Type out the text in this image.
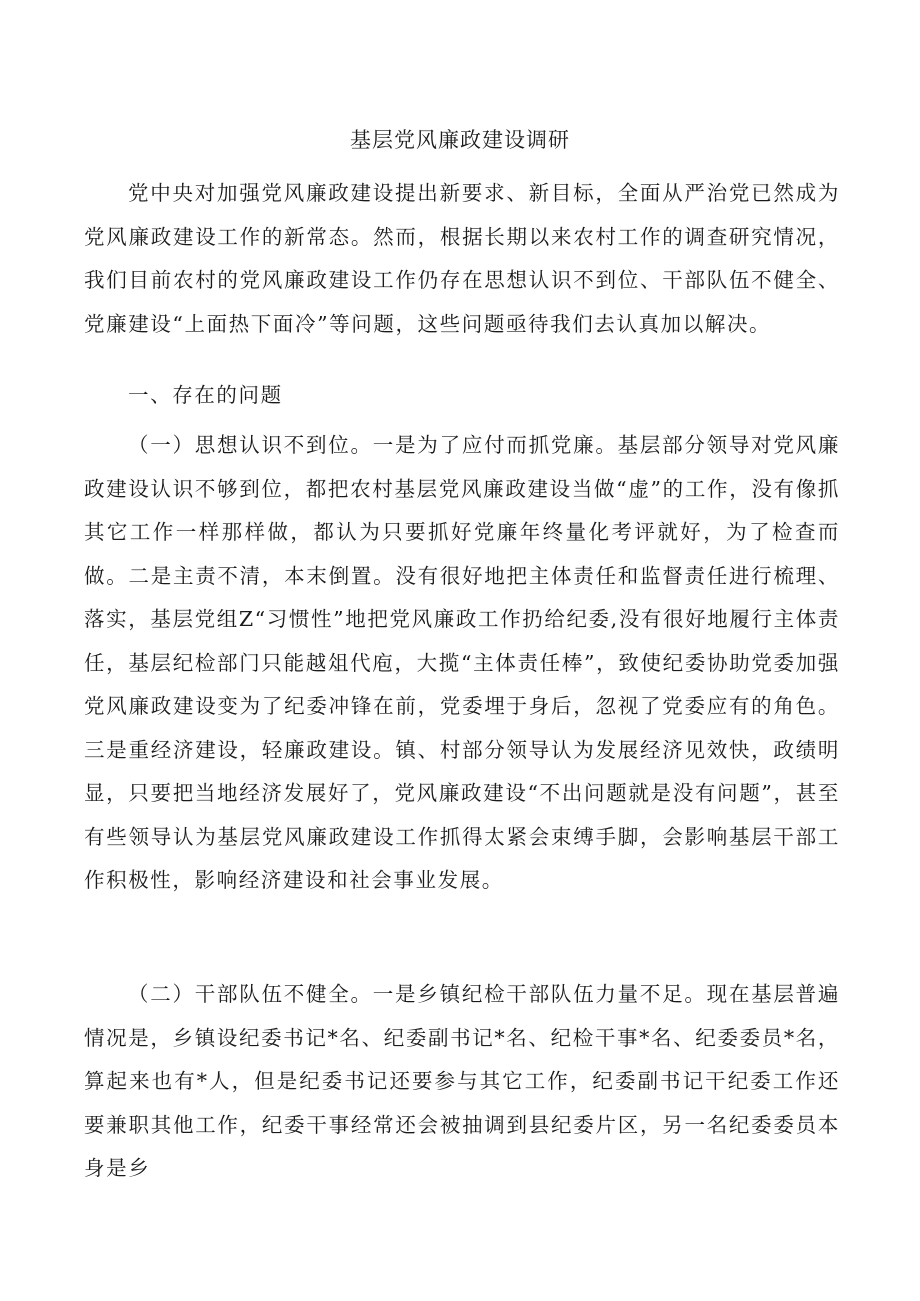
基层党风廉政建设调研

党中央对加强党风廉政建设提出新要求、新目标，全面从严治党已然成为党风廉政建设工作的新常态。然而，根据长期以来农村工作的调查研究情况，我们目前农村的党风廉政建设工作仍存在思想认识不到位、干部队伍不健全、党廉建设“上面热下面冷”等问题，这些问题亟待我们去认真加以解决。

一、存在的问题

（一）思想认识不到位。一是为了应付而抓党廉。基层部分领导对党风廉政建设认识不够到位，都把农村基层党风廉政建设当做“虚”的工作，没有像抓其它工作一样那样做，都认为只要抓好党廉年终量化考评就好，为了检查而做。二是主责不清，本末倒置。没有很好地把主体责任和监督责任进行梳理、落实，基层党组Z“习惯性”地把党风廉政工作扔给纪委,没有很好地履行主体责任，基层纪检部门只能越俎代庖，大揽“主体责任棒”，致使纪委协助党委加强党风廉政建设变为了纪委冲锋在前，党委埋于身后，忽视了党委应有的角色。三是重经济建设，轻廉政建设。镇、村部分领导认为发展经济见效快，政绩明显，只要把当地经济发展好了，党风廉政建设“不出问题就是没有问题”，甚至有些领导认为基层党风廉政建设工作抓得太紧会束缚手脚，会影响基层干部工作积极性，影响经济建设和社会事业发展。

（二）干部队伍不健全。一是乡镇纪检干部队伍力量不足。现在基层普遍情况是，乡镇设纪委书记*名、纪委副书记*名、纪检干事*名、纪委委员*名，算起来也有*人，但是纪委书记还要参与其它工作，纪委副书记干纪委工作还要兼职其他工作，纪委干事经常还会被抽调到县纪委片区，另一名纪委委员本身是乡
